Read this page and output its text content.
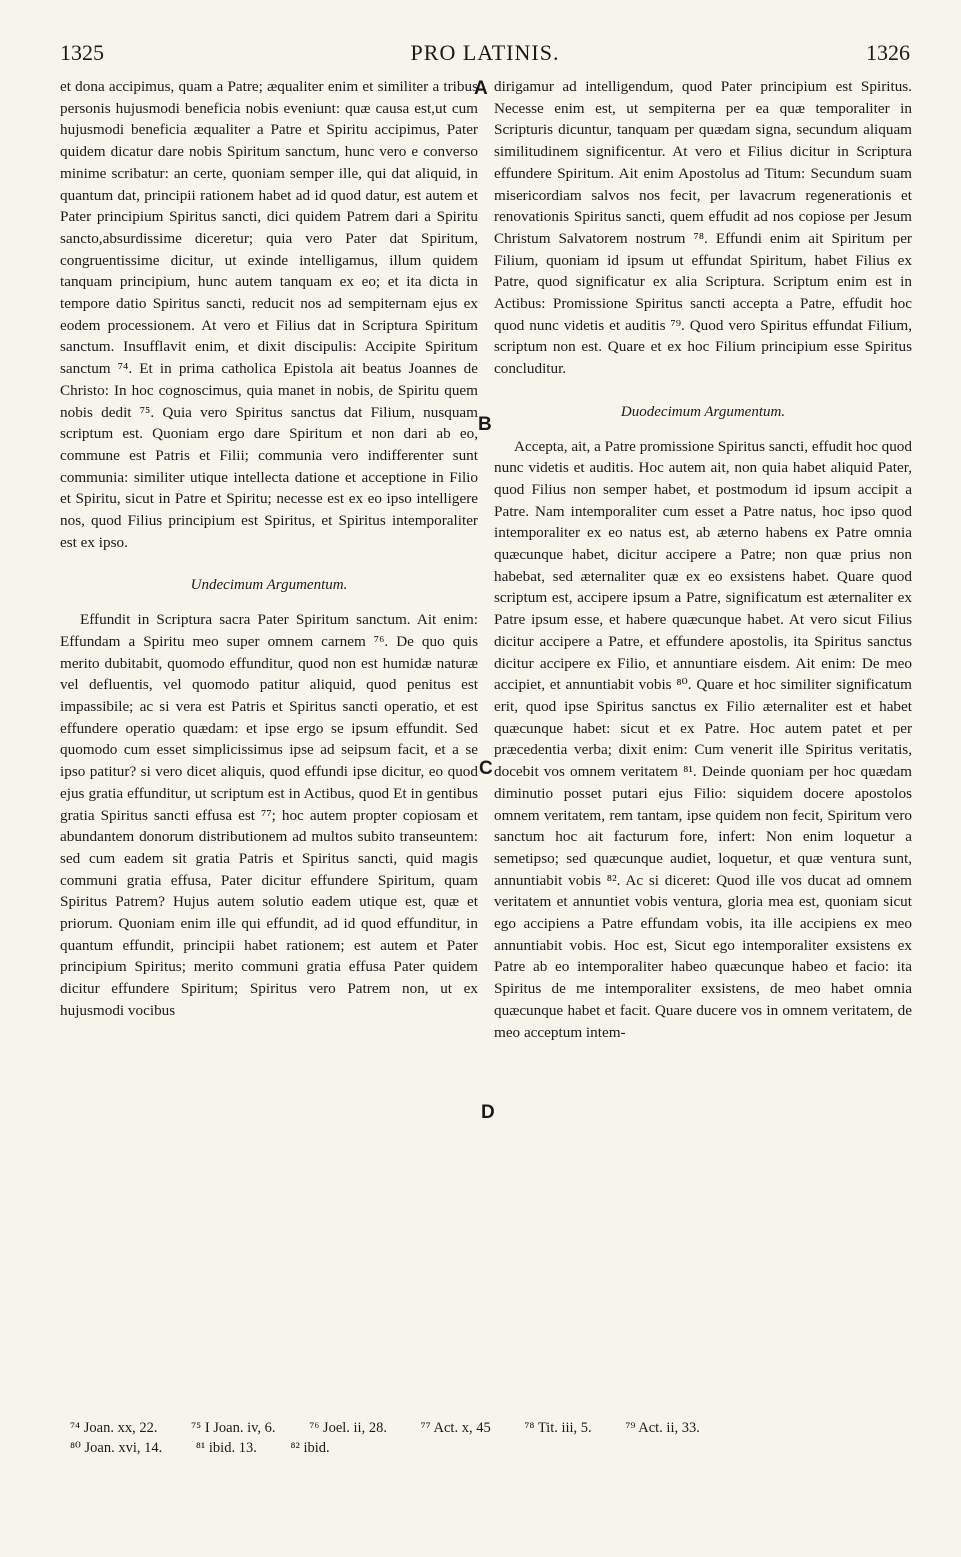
1325	PRO LATINIS.	1326
A
B
C
D

et dona accipimus, quam a Patre; æqualiter enim et similiter a tribus personis hujusmodi beneficia nobis eveniunt: quæ causa est,ut cum hujusmodi beneficia æqualiter a Patre et Spiritu accipimus, Pater quidem dicatur dare nobis Spiritum sanctum, hunc vero e converso minime scribatur: an certe, quoniam semper ille, qui dat aliquid, in quantum dat, principii rationem habet ad id quod datur, est autem et Pater principium Spiritus sancti, dici quidem Patrem dari a Spiritu sancto,absurdissime diceretur; quia vero Pater dat Spiritum, congruentissime dicitur, ut exinde intelligamus, illum quidem tanquam principium, hunc autem tanquam ex eo; et ita dicta in tempore datio Spiritus sancti, reducit nos ad sempiternam ejus ex eodem processionem. At vero et Filius dat in Scriptura Spiritum sanctum. Insufflavit enim, et dixit discipulis: Accipite Spiritum sanctum ⁷⁴. Et in prima catholica Epistola ait beatus Joannes de Christo: In hoc cognoscimus, quia manet in nobis, de Spiritu quem nobis dedit ⁷⁵. Quia vero Spiritus sanctus dat Filium, nusquam scriptum est. Quoniam ergo dare Spiritum et non dari ab eo, commune est Patris et Filii; communia vero indifferenter sunt communia: similiter utique intellecta datione et acceptione in Filio et Spiritu, sicut in Patre et Spiritu; necesse est ex eo ipso intelligere nos, quod Filius principium est Spiritus, et Spiritus intemporaliter est ex ipso.

Undecimum Argumentum.

Effundit in Scriptura sacra Pater Spiritum sanctum. Ait enim: Effundam a Spiritu meo super omnem carnem ⁷⁶. De quo quis merito dubitabit, quomodo effunditur, quod non est humidæ naturæ vel defluentis, vel quomodo patitur aliquid, quod penitus est impassibile; ac si vera est Patris et Spiritus sancti operatio, et est effundere operatio quædam: et ipse ergo se ipsum effundit. Sed quomodo cum esset simplicissimus ipse ad seipsum facit, et a se ipso patitur? si vero dicet aliquis, quod effundi ipse dicitur, eo quod ejus gratia effunditur, ut scriptum est in Actibus, quod Et in gentibus gratia Spiritus sancti effusa est ⁷⁷; hoc autem propter copiosam et abundantem donorum distributionem ad multos subito transeuntem: sed cum eadem sit gratia Patris et Spiritus sancti, quid magis communi gratia effusa, Pater dicitur effundere Spiritum, quam Spiritus Patrem? Hujus autem solutio eadem utique est, quæ et priorum. Quoniam enim ille qui effundit, ad id quod effunditur, in quantum effundit, principii habet rationem; est autem et Pater principium Spiritus; merito communi gratia effusa Pater quidem dicitur effundere Spiritum; Spiritus vero Patrem non, ut ex hujusmodi vocibus

dirigamur ad intelligendum, quod Pater principium est Spiritus. Necesse enim est, ut sempiterna per ea quæ temporaliter in Scripturis dicuntur, tanquam per quædam signa, secundum aliquam similitudinem significentur. At vero et Filius dicitur in Scriptura effundere Spiritum. Ait enim Apostolus ad Titum: Secundum suam misericordiam salvos nos fecit, per lavacrum regenerationis et renovationis Spiritus sancti, quem effudit ad nos copiose per Jesum Christum Salvatorem nostrum ⁷⁸. Effundi enim ait Spiritum per Filium, quoniam id ipsum ut effundat Spiritum, habet Filius ex Patre, quod significatur ex alia Scriptura. Scriptum enim est in Actibus: Promissione Spiritus sancti accepta a Patre, effudit hoc quod nunc videtis et auditis ⁷⁹. Quod vero Spiritus effundat Filium, scriptum non est. Quare et ex hoc Filium principium esse Spiritus concluditur.

Duodecimum Argumentum.

Accepta, ait, a Patre promissione Spiritus sancti, effudit hoc quod nunc videtis et auditis. Hoc autem ait, non quia habet aliquid Pater, quod Filius non semper habet, et postmodum id ipsum accipit a Patre. Nam intemporaliter cum esset a Patre natus, hoc ipso quod intemporaliter ex eo natus est, ab æterno habens ex Patre omnia quæcunque habet, dicitur accipere a Patre; non quæ prius non habebat, sed æternaliter quæ ex eo exsistens habet. Quare quod scriptum est, accipere ipsum a Patre, significatum est æternaliter ex Patre ipsum esse, et habere quæcunque habet. At vero sicut Filius dicitur accipere a Patre, et effundere apostolis, ita Spiritus sanctus dicitur accipere ex Filio, et annuntiare eisdem. Ait enim: De meo accipiet, et annuntiabit vobis ⁸⁰. Quare et hoc similiter significatum erit, quod ipse Spiritus sanctus ex Filio æternaliter est et habet quæcunque habet: sicut et ex Patre. Hoc autem patet et per præcedentia verba; dixit enim: Cum venerit ille Spiritus veritatis, docebit vos omnem veritatem ⁸¹. Deinde quoniam per hoc quædam diminutio posset putari ejus Filio: siquidem docere apostolos omnem veritatem, rem tantam, ipse quidem non fecit, Spiritum vero sanctum hoc ait facturum fore, infert: Non enim loquetur a semetipso; sed quæcunque audiet, loquetur, et quæ ventura sunt, annuntiabit vobis ⁸². Ac si diceret: Quod ille vos ducat ad omnem veritatem et annuntiet vobis ventura, gloria mea est, quoniam sicut ego accipiens a Patre effundam vobis, ita ille accipiens ex meo annuntiabit vobis. Hoc est, Sicut ego intemporaliter exsistens ex Patre ab eo intemporaliter habeo quæcunque habeo et facio: ita Spiritus de me intemporaliter exsistens, de meo habet omnia quæcunque habet et facit. Quare ducere vos in omnem veritatem, de meo acceptum intem-

⁷⁴ Joan. xx, 22. ⁷⁵ I Joan. iv, 6. ⁷⁶ Joel. ii, 28. ⁷⁷ Act. x, 45 ⁷⁸ Tit. iii, 5. ⁷⁹ Act. ii, 33.
⁸⁰ Joan. xvi, 14. ⁸¹ ibid. 13. ⁸² ibid.
